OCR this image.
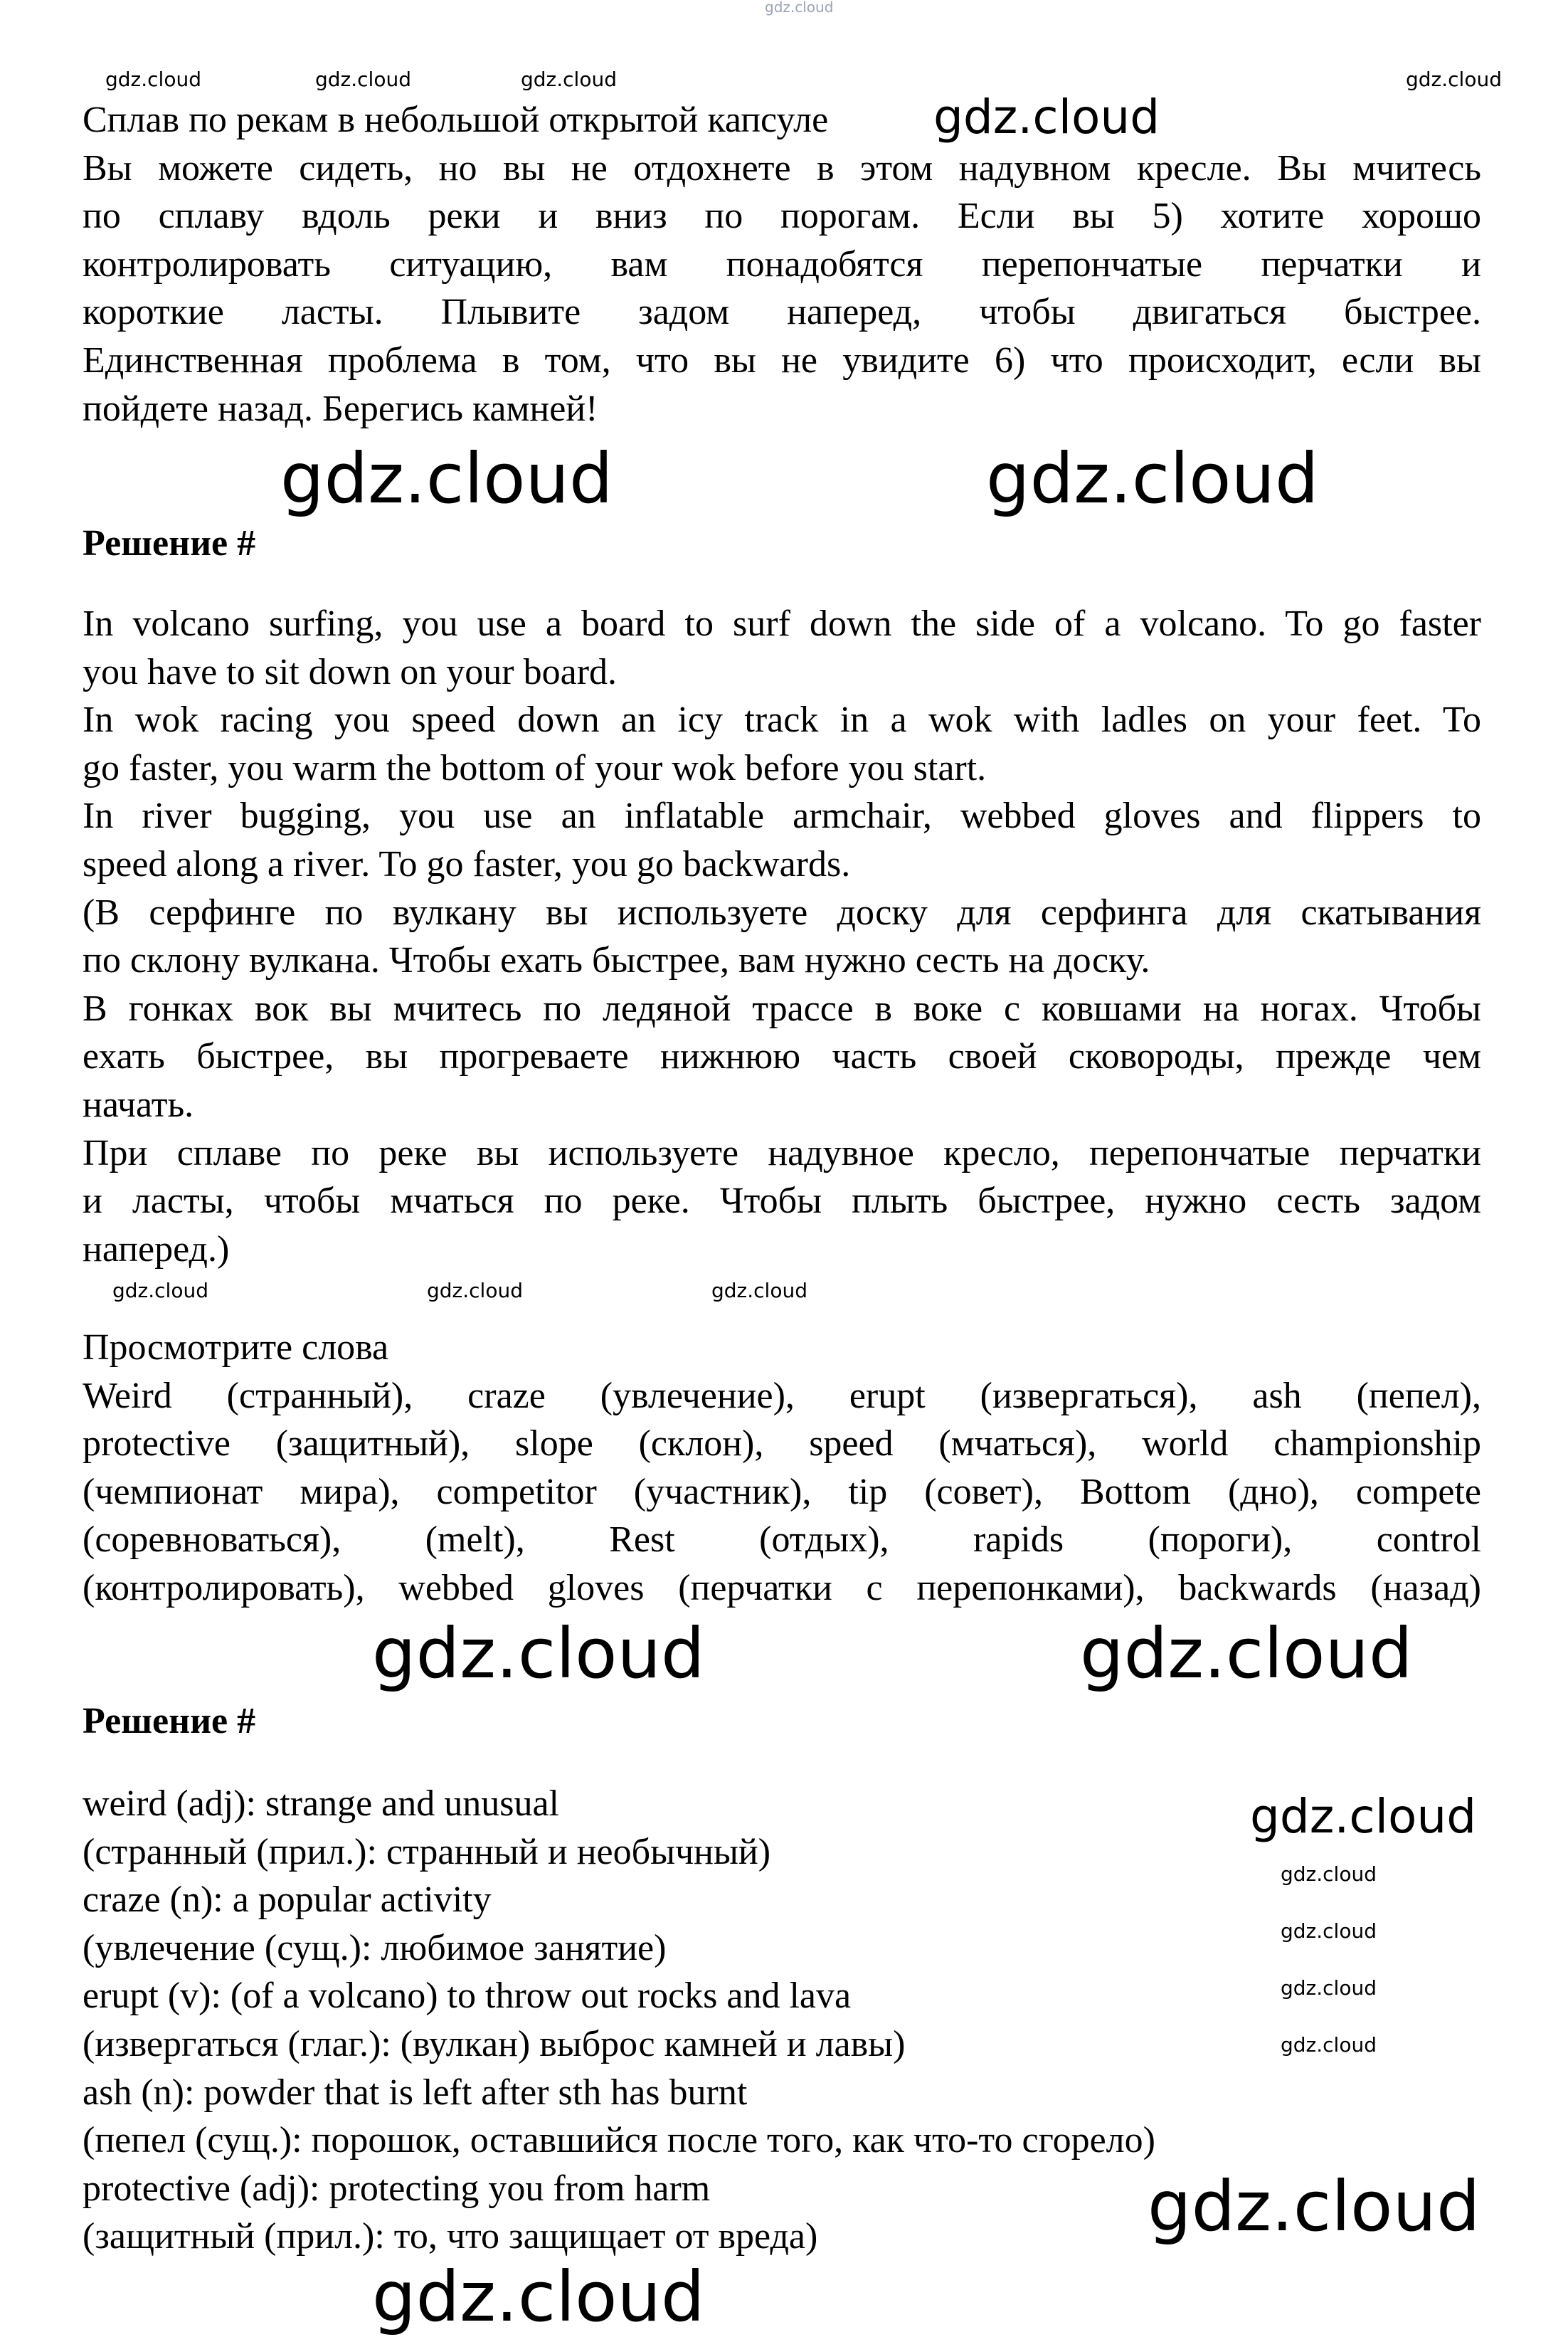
Сплав по рекам в небольшой открытой капсуле
Вы можете сидеть, но вы не отдохнете в этом надувном кресле. Вы мчитесь
по сплаву вдоль реки и вниз по порогам. Если вы 5) хотите хорошо
контролировать ситуацию, вам понадобятся перепончатые перчатки и
короткие ласты. Плывите задом наперед, чтобы двигаться быстрее.
Единственная проблема в том, что вы не увидите 6) что происходит, если вы
пойдете назад. Берегись камней!
Решение #
In volcano surfing, you use a board to surf down the side of a volcano. To go faster
you have to sit down on your board.
In wok racing you speed down an icy track in a wok with ladles on your feet. To
go faster, you warm the bottom of your wok before you start.
In river bugging, you use an inflatable armchair, webbed gloves and flippers to
speed along a river. To go faster, you go backwards.
(В серфинге по вулкану вы используете доску для серфинга для скатывания
по склону вулкана. Чтобы ехать быстрее, вам нужно сесть на доску.
В гонках вок вы мчитесь по ледяной трассе в воке с ковшами на ногах. Чтобы
ехать быстрее, вы прогреваете нижнюю часть своей сковороды, прежде чем
начать.
При сплаве по реке вы используете надувное кресло, перепончатые перчатки
и ласты, чтобы мчаться по реке. Чтобы плыть быстрее, нужно сесть задом
наперед.)
Просмотрите слова
Weird (странный), craze (увлечение), erupt (извергаться), ash (пепел),
protective (защитный), slope (склон), speed (мчаться), world championship
(чемпионат мира), competitor (участник), tip (совет), Bottom (дно), compete
(соревноваться), (melt), Rest (отдых), rapids (пороги), control
(контролировать), webbed gloves (перчатки с перепонками), backwards (назад)
Решение #
weird (adj): strange and unusual
(странный (прил.): странный и необычный)
craze (n): a popular activity
(увлечение (сущ.): любимое занятие)
erupt (v): (of a volcano) to throw out rocks and lava
(извергаться (глаг.): (вулкан) выброс камней и лавы)
ash (n): powder that is left after sth has burnt
(пепел (сущ.): порошок, оставшийся после того, как что-то сгорело)
protective (adj): protecting you from harm
(защитный (прил.): то, что защищает от вреда)
gdz.cloud
gdz.cloud
gdz.cloud	gdz.cloud	gdz.cloud	gdz.cloud
gdz.cloud	gdz.cloud
gdz.cloud
gdz.cloud
gdz.cloud
gdz.cloud	gdz.cloud
gdz.cloud	gdz.cloud
gdz.cloud
gdz.cloud
gdz.cloud
gdz.cloud
gdz.cloud
